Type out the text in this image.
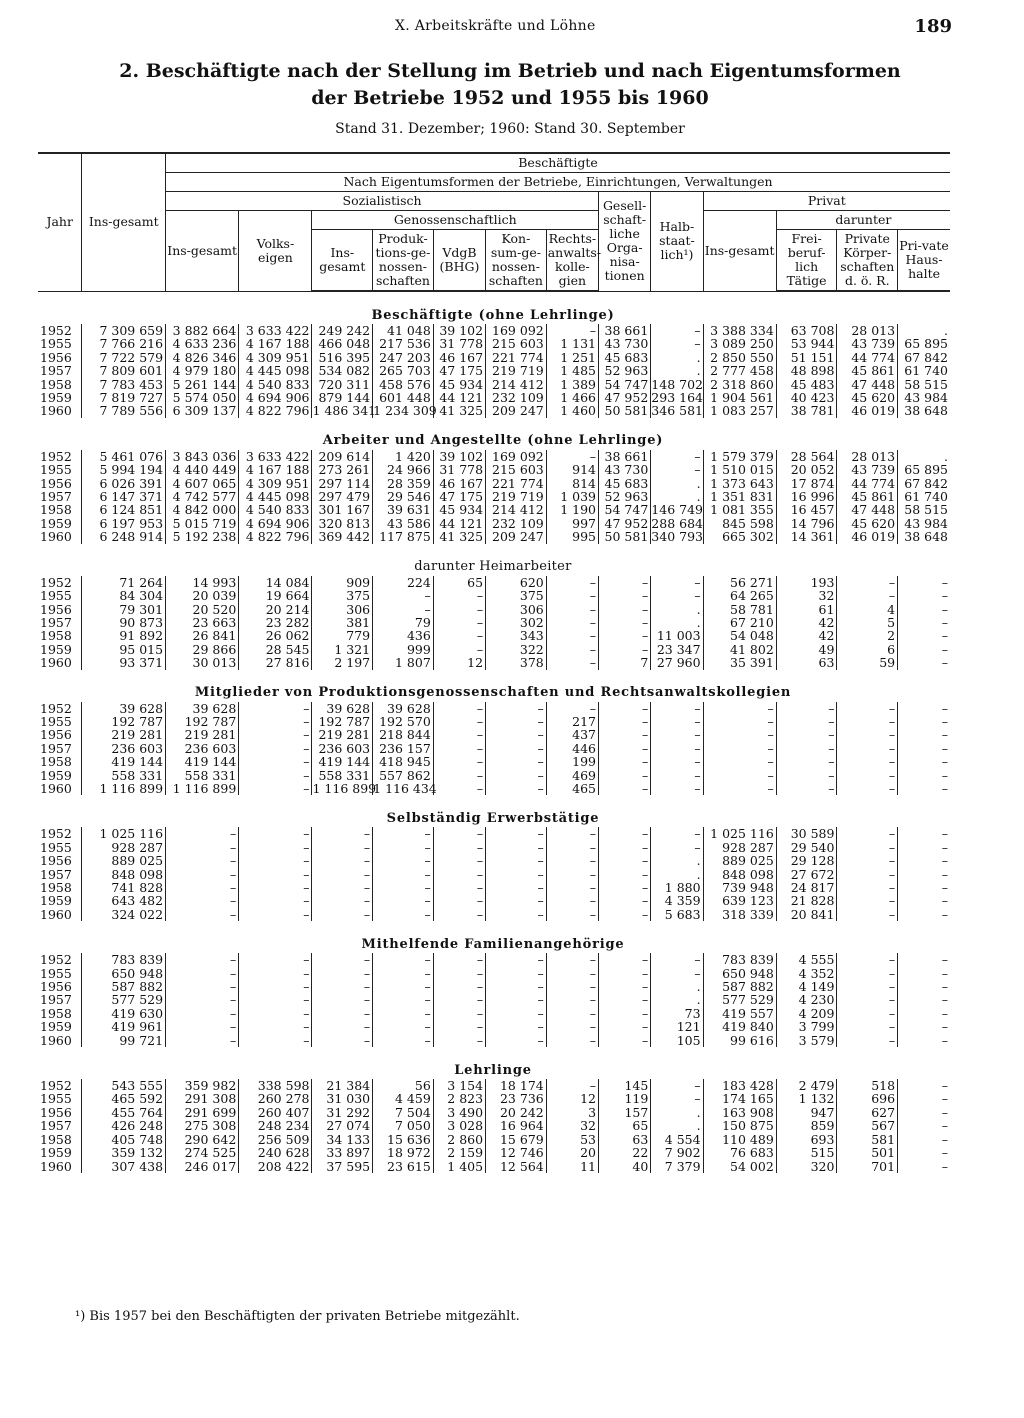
X. Arbeitskräfte und Löhne	189
2. Beschäftigte nach der Stellung im Betrieb und nach Eigentumsformen
der Betriebe 1952 und 1955 bis 1960
Stand 31. Dezember; 1960: Stand 30. September
Jahr	Ins-gesamt	Beschäftigte												
		Nach Eigentumsformen der Betriebe, Einrichtungen, Verwaltungen												
		Sozialistisch							Gesell-schaft-liche Orga-nisa-tionen	Halb-staat-lich¹)	Privat			
		Ins-gesamt	Volks-eigen	Genossenschaftlich							Ins-gesamt	darunter		
				Ins-gesamt	Produk-tions-ge-nossen-schaften	VdgB (BHG)	Kon-sum-ge-nossen-schaften	Rechts-anwalts-kolle-gien				Frei-beruf-lich Tätige	Private Körper-schaften d. ö. R.	Pri-vate Haus-halte

Beschäftigte (ohne Lehrlinge)														
1952	7 309 659	3 882 664	3 633 422	249 242	41 048	39 102	169 092	–	38 661	–	3 388 334	63 708	28 013	.
1955	7 766 216	4 633 236	4 167 188	466 048	217 536	31 778	215 603	1 131	43 730	–	3 089 250	53 944	43 739	65 895
1956	7 722 579	4 826 346	4 309 951	516 395	247 203	46 167	221 774	1 251	45 683	.	2 850 550	51 151	44 774	67 842
1957	7 809 601	4 979 180	4 445 098	534 082	265 703	47 175	219 719	1 485	52 963	.	2 777 458	48 898	45 861	61 740
1958	7 783 453	5 261 144	4 540 833	720 311	458 576	45 934	214 412	1 389	54 747	148 702	2 318 860	45 483	47 448	58 515
1959	7 819 727	5 574 050	4 694 906	879 144	601 448	44 121	232 109	1 466	47 952	293 164	1 904 561	40 423	45 620	43 984
1960	7 789 556	6 309 137	4 822 796	1 486 341	1 234 309	41 325	209 247	1 460	50 581	346 581	1 083 257	38 781	46 019	38 648
Arbeiter und Angestellte (ohne Lehrlinge)														
1952	5 461 076	3 843 036	3 633 422	209 614	1 420	39 102	169 092	–	38 661	–	1 579 379	28 564	28 013	.
1955	5 994 194	4 440 449	4 167 188	273 261	24 966	31 778	215 603	914	43 730	–	1 510 015	20 052	43 739	65 895
1956	6 026 391	4 607 065	4 309 951	297 114	28 359	46 167	221 774	814	45 683	.	1 373 643	17 874	44 774	67 842
1957	6 147 371	4 742 577	4 445 098	297 479	29 546	47 175	219 719	1 039	52 963	.	1 351 831	16 996	45 861	61 740
1958	6 124 851	4 842 000	4 540 833	301 167	39 631	45 934	214 412	1 190	54 747	146 749	1 081 355	16 457	47 448	58 515
1959	6 197 953	5 015 719	4 694 906	320 813	43 586	44 121	232 109	997	47 952	288 684	845 598	14 796	45 620	43 984
1960	6 248 914	5 192 238	4 822 796	369 442	117 875	41 325	209 247	995	50 581	340 793	665 302	14 361	46 019	38 648
darunter Heimarbeiter														
1952	71 264	14 993	14 084	909	224	65	620	–	–	–	56 271	193	–	–
1955	84 304	20 039	19 664	375	–	–	375	–	–	–	64 265	32	–	–
1956	79 301	20 520	20 214	306	–	–	306	–	–	.	58 781	61	4	–
1957	90 873	23 663	23 282	381	79	–	302	–	–	.	67 210	42	5	–
1958	91 892	26 841	26 062	779	436	–	343	–	–	11 003	54 048	42	2	–
1959	95 015	29 866	28 545	1 321	999	–	322	–	–	23 347	41 802	49	6	–
1960	93 371	30 013	27 816	2 197	1 807	12	378	–	7	27 960	35 391	63	59	–
Mitglieder von Produktionsgenossenschaften und Rechtsanwaltskollegien														
1952	39 628	39 628	–	39 628	39 628	–	–	–	–	–	–	–	–	–
1955	192 787	192 787	–	192 787	192 570	–	–	217	–	–	–	–	–	–
1956	219 281	219 281	–	219 281	218 844	–	–	437	–	–	–	–	–	–
1957	236 603	236 603	–	236 603	236 157	–	–	446	–	–	–	–	–	–
1958	419 144	419 144	–	419 144	418 945	–	–	199	–	–	–	–	–	–
1959	558 331	558 331	–	558 331	557 862	–	–	469	–	–	–	–	–	–
1960	1 116 899	1 116 899	–	1 116 899	1 116 434	–	–	465	–	–	–	–	–	–
Selbständig Erwerbstätige														
1952	1 025 116	–	–	–	–	–	–	–	–	–	1 025 116	30 589	–	–
1955	928 287	–	–	–	–	–	–	–	–	–	928 287	29 540	–	–
1956	889 025	–	–	–	–	–	–	–	–	.	889 025	29 128	–	–
1957	848 098	–	–	–	–	–	–	–	–	.	848 098	27 672	–	–
1958	741 828	–	–	–	–	–	–	–	–	1 880	739 948	24 817	–	–
1959	643 482	–	–	–	–	–	–	–	–	4 359	639 123	21 828	–	–
1960	324 022	–	–	–	–	–	–	–	–	5 683	318 339	20 841	–	–
Mithelfende Familienangehörige														
1952	783 839	–	–	–	–	–	–	–	–	–	783 839	4 555	–	–
1955	650 948	–	–	–	–	–	–	–	–	–	650 948	4 352	–	–
1956	587 882	–	–	–	–	–	–	–	–	.	587 882	4 149	–	–
1957	577 529	–	–	–	–	–	–	–	–	.	577 529	4 230	–	–
1958	419 630	–	–	–	–	–	–	–	–	73	419 557	4 209	–	–
1959	419 961	–	–	–	–	–	–	–	–	121	419 840	3 799	–	–
1960	99 721	–	–	–	–	–	–	–	–	105	99 616	3 579	–	–
Lehrlinge														
1952	543 555	359 982	338 598	21 384	56	3 154	18 174	–	145	–	183 428	2 479	518	–
1955	465 592	291 308	260 278	31 030	4 459	2 823	23 736	12	119	–	174 165	1 132	696	–
1956	455 764	291 699	260 407	31 292	7 504	3 490	20 242	3	157	.	163 908	947	627	–
1957	426 248	275 308	248 234	27 074	7 050	3 028	16 964	32	65	.	150 875	859	567	–
1958	405 748	290 642	256 509	34 133	15 636	2 860	15 679	53	63	4 554	110 489	693	581	–
1959	359 132	274 525	240 628	33 897	18 972	2 159	12 746	20	22	7 902	76 683	515	501	–
1960	307 438	246 017	208 422	37 595	23 615	1 405	12 564	11	40	7 379	54 002	320	701	–
¹) Bis 1957 bei den Beschäftigten der privaten Betriebe mitgezählt.
